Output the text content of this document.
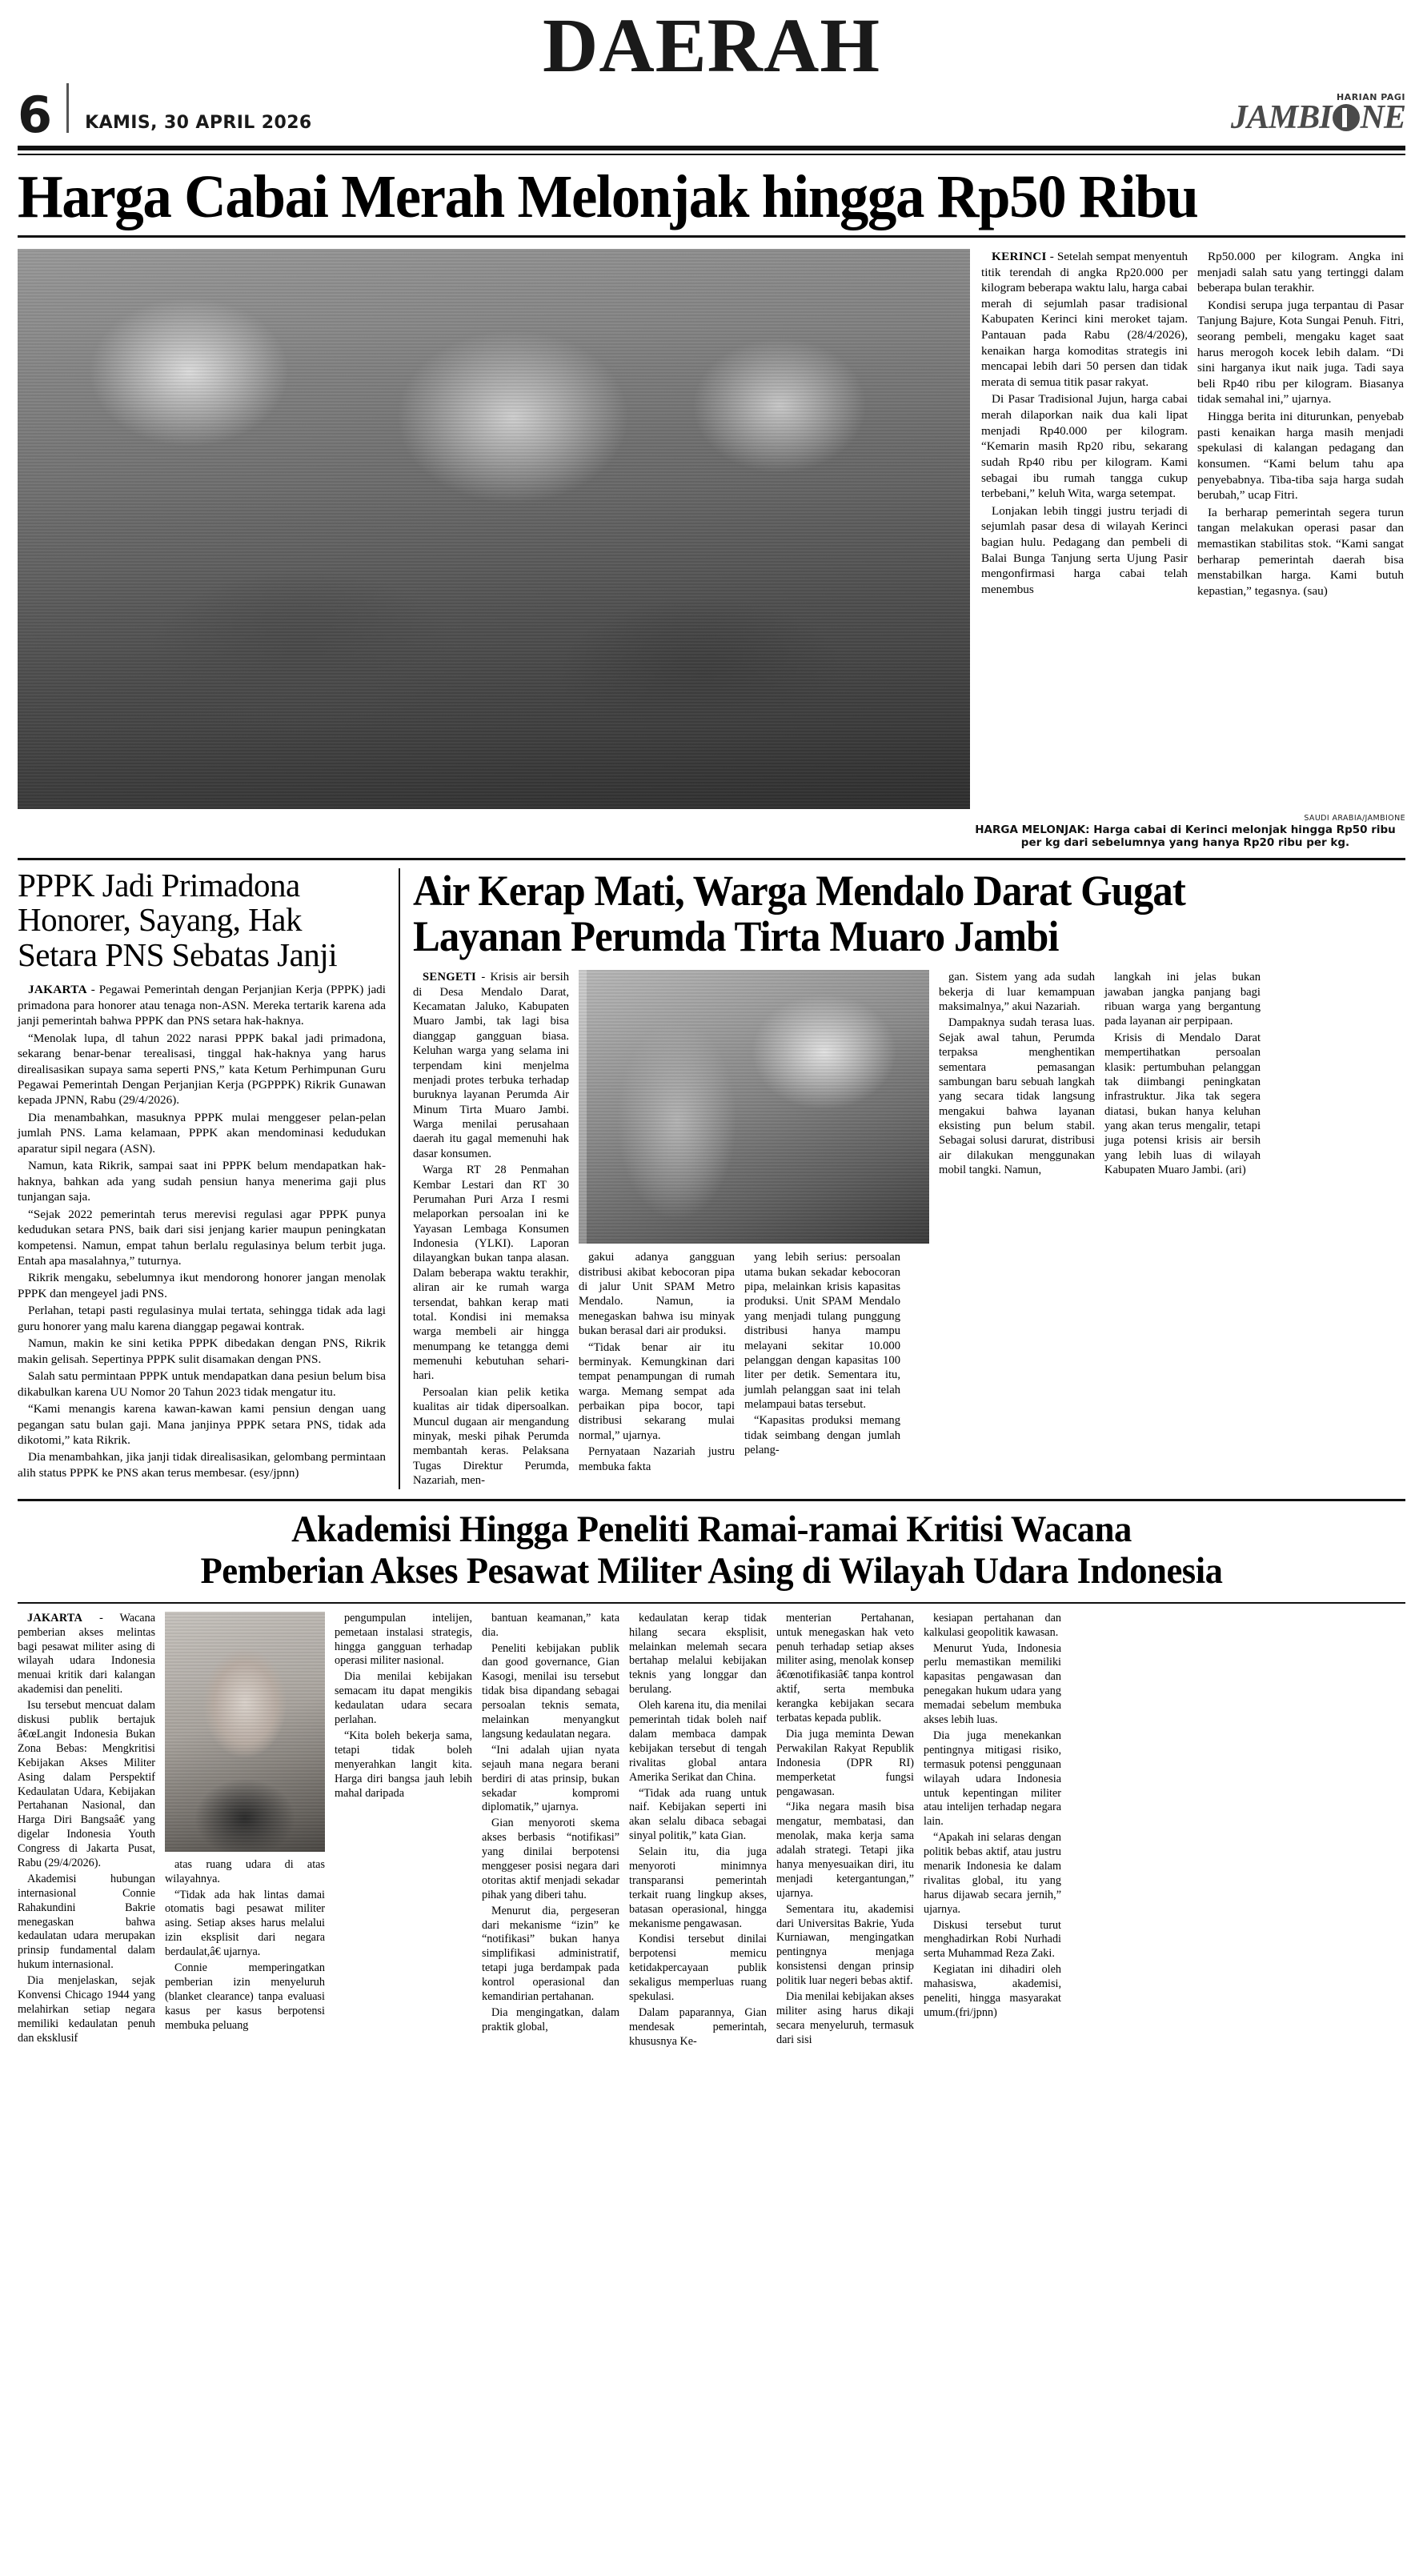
6 KAMIS, 30 APRIL 2026
DAERAH
HARIAN PAGI
JAMBI NE
Harga Cabai Merah Melonjak hingga Rp50 Ribu

KERINCI - Setelah sempat menyentuh titik terendah di angka Rp20.000 per kilogram beberapa waktu lalu, harga cabai merah di sejumlah pasar tradisional Kabupaten Kerinci kini meroket tajam. Pantauan pada Rabu (28/4/2026), kenaikan harga komoditas strategis ini mencapai lebih dari 50 persen dan tidak merata di semua titik pasar rakyat.

Di Pasar Tradisional Jujun, harga cabai merah dilaporkan naik dua kali lipat menjadi Rp40.000 per kilogram. “Kemarin masih Rp20 ribu, sekarang sudah Rp40 ribu per kilogram. Kami sebagai ibu rumah tangga cukup terbebani,” keluh Wita, warga setempat.

Lonjakan lebih tinggi justru terjadi di sejumlah pasar desa di wilayah Kerinci bagian hulu. Pedagang dan pembeli di Balai Bunga Tanjung serta Ujung Pasir mengonfirmasi harga cabai telah menembus

Rp50.000 per kilogram. Angka ini menjadi salah satu yang tertinggi dalam beberapa bulan terakhir.

Kondisi serupa juga terpantau di Pasar Tanjung Bajure, Kota Sungai Penuh. Fitri, seorang pembeli, mengaku kaget saat harus merogoh kocek lebih dalam. “Di sini harganya ikut naik juga. Tadi saya beli Rp40 ribu per kilogram. Biasanya tidak semahal ini,” ujarnya.

Hingga berita ini diturunkan, penyebab pasti kenaikan harga masih menjadi spekulasi di kalangan pedagang dan konsumen. “Kami belum tahu apa penyebabnya. Tiba-tiba saja harga sudah berubah,” ucap Fitri.

Ia berharap pemerintah segera turun tangan melakukan operasi pasar dan memastikan stabilitas stok. “Kami sangat berharap pemerintah daerah bisa menstabilkan harga. Kami butuh kepastian,” tegasnya. (sau)

SAUDI ARABIA/JAMBIONE
HARGA MELONJAK: Harga cabai di Kerinci melonjak hingga Rp50 ribu per kg dari sebelumnya yang hanya Rp20 ribu per kg.
PPPK Jadi Primadona Honorer, Sayang, Hak Setara PNS Sebatas Janji

JAKARTA - Pegawai Pemerintah dengan Perjanjian Kerja (PPPK) jadi primadona para honorer atau tenaga non-ASN. Mereka tertarik karena ada janji pemerintah bahwa PPPK dan PNS setara hak-haknya.

“Menolak lupa, dl tahun 2022 narasi PPPK bakal jadi primadona, sekarang benar-benar terealisasi, tinggal hak-haknya yang harus direalisasikan supaya sama seperti PNS,” kata Ketum Perhimpunan Guru Pegawai Pemerintah Dengan Perjanjian Kerja (PGPPPK) Rikrik Gunawan kepada JPNN, Rabu (29/4/2026).

Dia menambahkan, masuknya PPPK mulai menggeser pelan-pelan jumlah PNS. Lama kelamaan, PPPK akan mendominasi kedudukan aparatur sipil negara (ASN).

Namun, kata Rikrik, sampai saat ini PPPK belum mendapatkan hak-haknya, bahkan ada yang sudah pensiun hanya menerima gaji plus tunjangan saja.

“Sejak 2022 pemerintah terus merevisi regulasi agar PPPK punya kedudukan setara PNS, baik dari sisi jenjang karier maupun peningkatan kompetensi. Namun, empat tahun berlalu regulasinya belum terbit juga. Entah apa masalahnya,” tuturnya.

Rikrik mengaku, sebelumnya ikut mendorong honorer jangan menolak PPPK dan mengeyel jadi PNS.

Perlahan, tetapi pasti regulasinya mulai tertata, sehingga tidak ada lagi guru honorer yang malu karena dianggap pegawai kontrak.

Namun, makin ke sini ketika PPPK dibedakan dengan PNS, Rikrik makin gelisah. Sepertinya PPPK sulit disamakan dengan PNS.

Salah satu permintaan PPPK untuk mendapatkan dana pesiun belum bisa dikabulkan karena UU Nomor 20 Tahun 2023 tidak mengatur itu.

“Kami menangis karena kawan-kawan kami pensiun dengan uang pegangan satu bulan gaji. Mana janjinya PPPK setara PNS, tidak ada dikotomi,” kata Rikrik.

Dia menambahkan, jika janji tidak direalisasikan, gelombang permintaan alih status PPPK ke PNS akan terus membesar. (esy/jpnn)

Air Kerap Mati, Warga Mendalo Darat Gugat
Layanan Perumda Tirta Muaro Jambi

SENGETI - Krisis air bersih di Desa Mendalo Darat, Kecamatan Jaluko, Kabupaten Muaro Jambi, tak lagi bisa dianggap gangguan biasa. Keluhan warga yang selama ini terpendam kini menjelma menjadi protes terbuka terhadap buruknya layanan Perumda Air Minum Tirta Muaro Jambi. Warga menilai perusahaan daerah itu gagal memenuhi hak dasar konsumen.

Warga RT 28 Penmahan Kembar Lestari dan RT 30 Perumahan Puri Arza I resmi melaporkan persoalan ini ke Yayasan Lembaga Konsumen Indonesia (YLKI). Laporan dilayangkan bukan tanpa alasan. Dalam beberapa waktu terakhir, aliran air ke rumah warga tersendat, bahkan kerap mati total. Kondisi ini memaksa warga membeli air hingga menumpang ke tetangga demi memenuhi kebutuhan sehari-hari.

Persoalan kian pelik ketika kualitas air tidak dipersoalkan. Muncul dugaan air mengandung minyak, meski pihak Perumda membantah keras. Pelaksana Tugas Direktur Perumda, Nazariah, men-

gakui adanya gangguan distribusi akibat kebocoran pipa di jalur Unit SPAM Metro Mendalo. Namun, ia menegaskan bahwa isu minyak bukan berasal dari air produksi.

“Tidak benar air itu berminyak. Kemungkinan dari tempat penampungan di rumah warga. Memang sempat ada perbaikan pipa bocor, tapi distribusi sekarang mulai normal,” ujarnya.

Pernyataan Nazariah justru membuka fakta

yang lebih serius: persoalan utama bukan sekadar kebocoran pipa, melainkan krisis kapasitas produksi. Unit SPAM Mendalo yang menjadi tulang punggung distribusi hanya mampu melayani sekitar 10.000 pelanggan dengan kapasitas 100 liter per detik. Sementara itu, jumlah pelanggan saat ini telah melampaui batas tersebut.

“Kapasitas produksi memang tidak seimbang dengan jumlah pelang-

gan. Sistem yang ada sudah bekerja di luar kemampuan maksimalnya,” akui Nazariah.

Dampaknya sudah terasa luas. Sejak awal tahun, Perumda terpaksa menghentikan sementara pemasangan sambungan baru sebuah langkah yang secara tidak langsung mengakui bahwa layanan eksisting pun belum stabil. Sebagai solusi darurat, distribusi air dilakukan menggunakan mobil tangki. Namun,

langkah ini jelas bukan jawaban jangka panjang bagi ribuan warga yang bergantung pada layanan air perpipaan.

Krisis di Mendalo Darat mempertihatkan persoalan klasik: pertumbuhan pelanggan tak diimbangi peningkatan infrastruktur. Jika tak segera diatasi, bukan hanya keluhan yang akan terus mengalir, tetapi juga potensi krisis air bersih yang lebih luas di wilayah Kabupaten Muaro Jambi. (ari)

Akademisi Hingga Peneliti Ramai-ramai Kritisi Wacana
Pemberian Akses Pesawat Militer Asing di Wilayah Udara Indonesia

JAKARTA - Wacana pemberian akses melintas bagi pesawat militer asing di wilayah udara Indonesia menuai kritik dari kalangan akademisi dan peneliti.

Isu tersebut mencuat dalam diskusi publik bertajuk â€œLangit Indonesia Bukan Zona Bebas: Mengkritisi Kebijakan Akses Militer Asing dalam Perspektif Kedaulatan Udara, Kebijakan Pertahanan Nasional, dan Harga Diri Bangsaâ€ yang digelar Indonesia Youth Congress di Jakarta Pusat, Rabu (29/4/2026).

Akademisi hubungan internasional Connie Rahakundini Bakrie menegaskan bahwa kedaulatan udara merupakan prinsip fundamental dalam hukum internasional.

Dia menjelaskan, sejak Konvensi Chicago 1944 yang melahirkan setiap negara memiliki kedaulatan penuh dan eksklusif

atas ruang udara di atas wilayahnya.

“Tidak ada hak lintas damai otomatis bagi pesawat militer asing. Setiap akses harus melalui izin eksplisit dari negara berdaulat,â€ ujarnya.

Connie memperingatkan pemberian izin menyeluruh (blanket clearance) tanpa evaluasi kasus per kasus berpotensi membuka peluang

pengumpulan intelijen, pemetaan instalasi strategis, hingga gangguan terhadap operasi militer nasional.

Dia menilai kebijakan semacam itu dapat mengikis kedaulatan udara secara perlahan.

“Kita boleh bekerja sama, tetapi tidak boleh menyerahkan langit kita. Harga diri bangsa jauh lebih mahal daripada

bantuan keamanan,” kata dia.

Peneliti kebijakan publik dan good governance, Gian Kasogi, menilai isu tersebut tidak bisa dipandang sebagai persoalan teknis semata, melainkan menyangkut langsung kedaulatan negara.

“Ini adalah ujian nyata sejauh mana negara berani berdiri di atas prinsip, bukan sekadar kompromi diplomatik,” ujarnya.

Gian menyoroti skema akses berbasis “notifikasi” yang dinilai berpotensi menggeser posisi negara dari otoritas aktif menjadi sekadar pihak yang diberi tahu.

Menurut dia, pergeseran dari mekanisme “izin” ke “notifikasi” bukan hanya simplifikasi administratif, tetapi juga berdampak pada kontrol operasional dan kemandirian pertahanan.

Dia mengingatkan, dalam praktik global,

kedaulatan kerap tidak hilang secara eksplisit, melainkan melemah secara bertahap melalui kebijakan teknis yang longgar dan berulang.

Oleh karena itu, dia menilai pemerintah tidak boleh naif dalam membaca dampak kebijakan tersebut di tengah rivalitas global antara Amerika Serikat dan China.

“Tidak ada ruang untuk naif. Kebijakan seperti ini akan selalu dibaca sebagai sinyal politik,” kata Gian.

Selain itu, dia juga menyoroti minimnya transparansi pemerintah terkait ruang lingkup akses, batasan operasional, hingga mekanisme pengawasan.

Kondisi tersebut dinilai berpotensi memicu ketidakpercayaan publik sekaligus memperluas ruang spekulasi.

Dalam paparannya, Gian mendesak pemerintah, khususnya Ke-

menterian Pertahanan, untuk menegaskan hak veto penuh terhadap setiap akses militer asing, menolak konsep â€œnotifikasiâ€ tanpa kontrol aktif, serta membuka kerangka kebijakan secara terbatas kepada publik.

Dia juga meminta Dewan Perwakilan Rakyat Republik Indonesia (DPR RI) memperketat fungsi pengawasan.

“Jika negara masih bisa mengatur, membatasi, dan menolak, maka kerja sama adalah strategi. Tetapi jika hanya menyesuaikan diri, itu menjadi ketergantungan,” ujarnya.

Sementara itu, akademisi dari Universitas Bakrie, Yuda Kurniawan, mengingatkan pentingnya menjaga konsistensi dengan prinsip politik luar negeri bebas aktif.

Dia menilai kebijakan akses militer asing harus dikaji secara menyeluruh, termasuk dari sisi

kesiapan pertahanan dan kalkulasi geopolitik kawasan.

Menurut Yuda, Indonesia perlu memastikan memiliki kapasitas pengawasan dan penegakan hukum udara yang memadai sebelum membuka akses lebih luas.

Dia juga menekankan pentingnya mitigasi risiko, termasuk potensi penggunaan wilayah udara Indonesia untuk kepentingan militer atau intelijen terhadap negara lain.

“Apakah ini selaras dengan politik bebas aktif, atau justru menarik Indonesia ke dalam rivalitas global, itu yang harus dijawab secara jernih,” ujarnya.

Diskusi tersebut turut menghadirkan Robi Nurhadi serta Muhammad Reza Zaki.

Kegiatan ini dihadiri oleh mahasiswa, akademisi, peneliti, hingga masyarakat umum.(fri/jpnn)
